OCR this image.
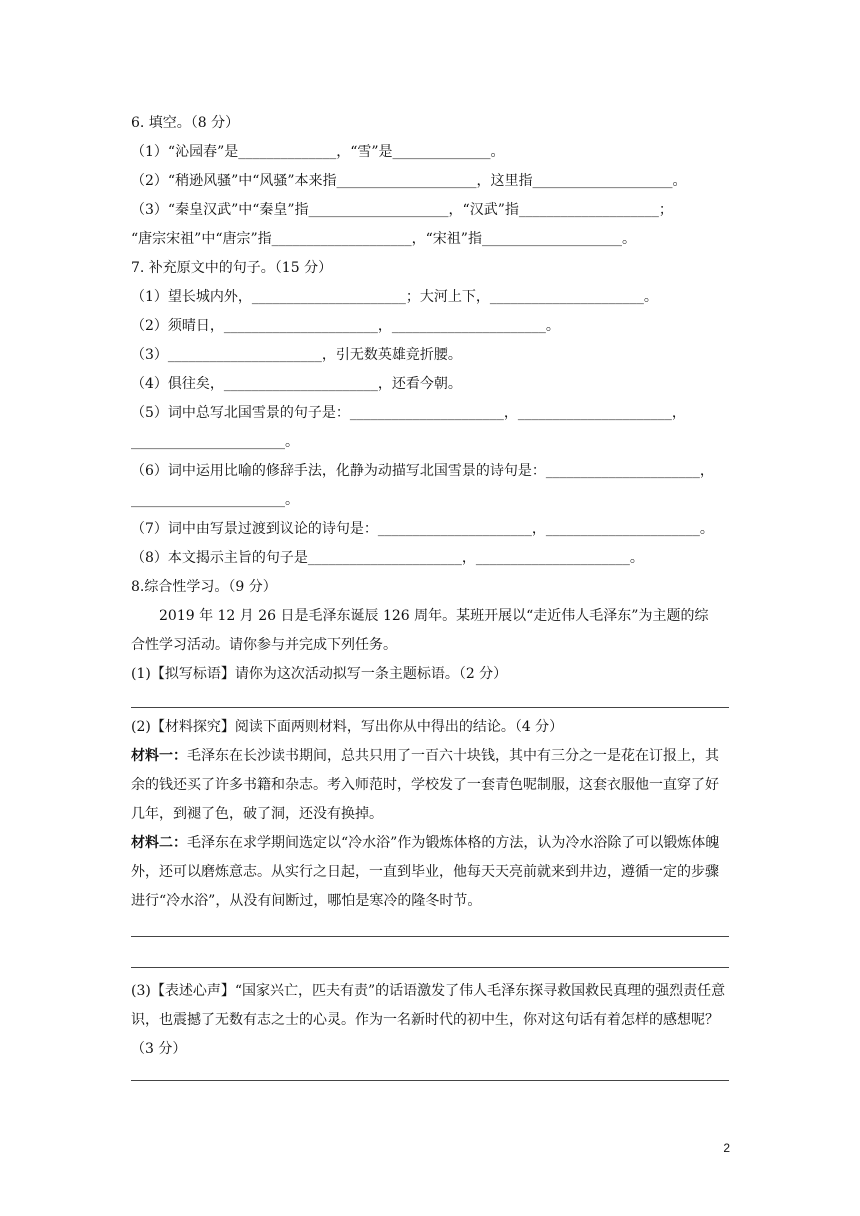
6. 填空。（8 分）
（1）“沁园春”是______________，“雪”是______________。
（2）“稍逊风骚”中“风骚”本来指____________________，这里指____________________。
（3）“秦皇汉武”中“秦皇”指____________________，“汉武”指____________________；
“唐宗宋祖”中“唐宗”指____________________，“宋祖”指____________________。
7. 补充原文中的句子。（15 分）
（1）望长城内外，______________________；大河上下，______________________。
（2）须晴日，______________________，______________________。
（3）______________________，引无数英雄竞折腰。
（4）俱往矣，______________________，还看今朝。
（5）词中总写北国雪景的句子是：______________________，______________________，
______________________。
（6）词中运用比喻的修辞手法，化静为动描写北国雪景的诗句是：______________________，
______________________。
（7）词中由写景过渡到议论的诗句是：______________________，______________________。
（8）本文揭示主旨的句子是______________________，______________________。
8.综合性学习。（9 分）
2019 年 12 月 26 日是毛泽东诞辰 126 周年。某班开展以“走近伟人毛泽东”为主题的综
合性学习活动。请你参与并完成下列任务。
(1)【拟写标语】请你为这次活动拟写一条主题标语。（2 分）
(2)【材料探究】阅读下面两则材料，写出你从中得出的结论。（4 分）
材料一：毛泽东在长沙读书期间，总共只用了一百六十块钱，其中有三分之一是花在订报上，其余的钱还买了许多书籍和杂志。考入师范时，学校发了一套青色呢制服，这套衣服他一直穿了好几年，到褪了色，破了洞，还没有换掉。
材料二：毛泽东在求学期间选定以“冷水浴”作为锻炼体格的方法，认为冷水浴除了可以锻炼体魄外，还可以磨炼意志。从实行之日起，一直到毕业，他每天天亮前就来到井边，遵循一定的步骤进行“冷水浴”，从没有间断过，哪怕是寒冷的隆冬时节。
(3)【表述心声】“国家兴亡，匹夫有责”的话语激发了伟人毛泽东探寻救国救民真理的强烈责任意识，也震撼了无数有志之士的心灵。作为一名新时代的初中生，你对这句话有着怎样的感想呢？（3 分）
2
